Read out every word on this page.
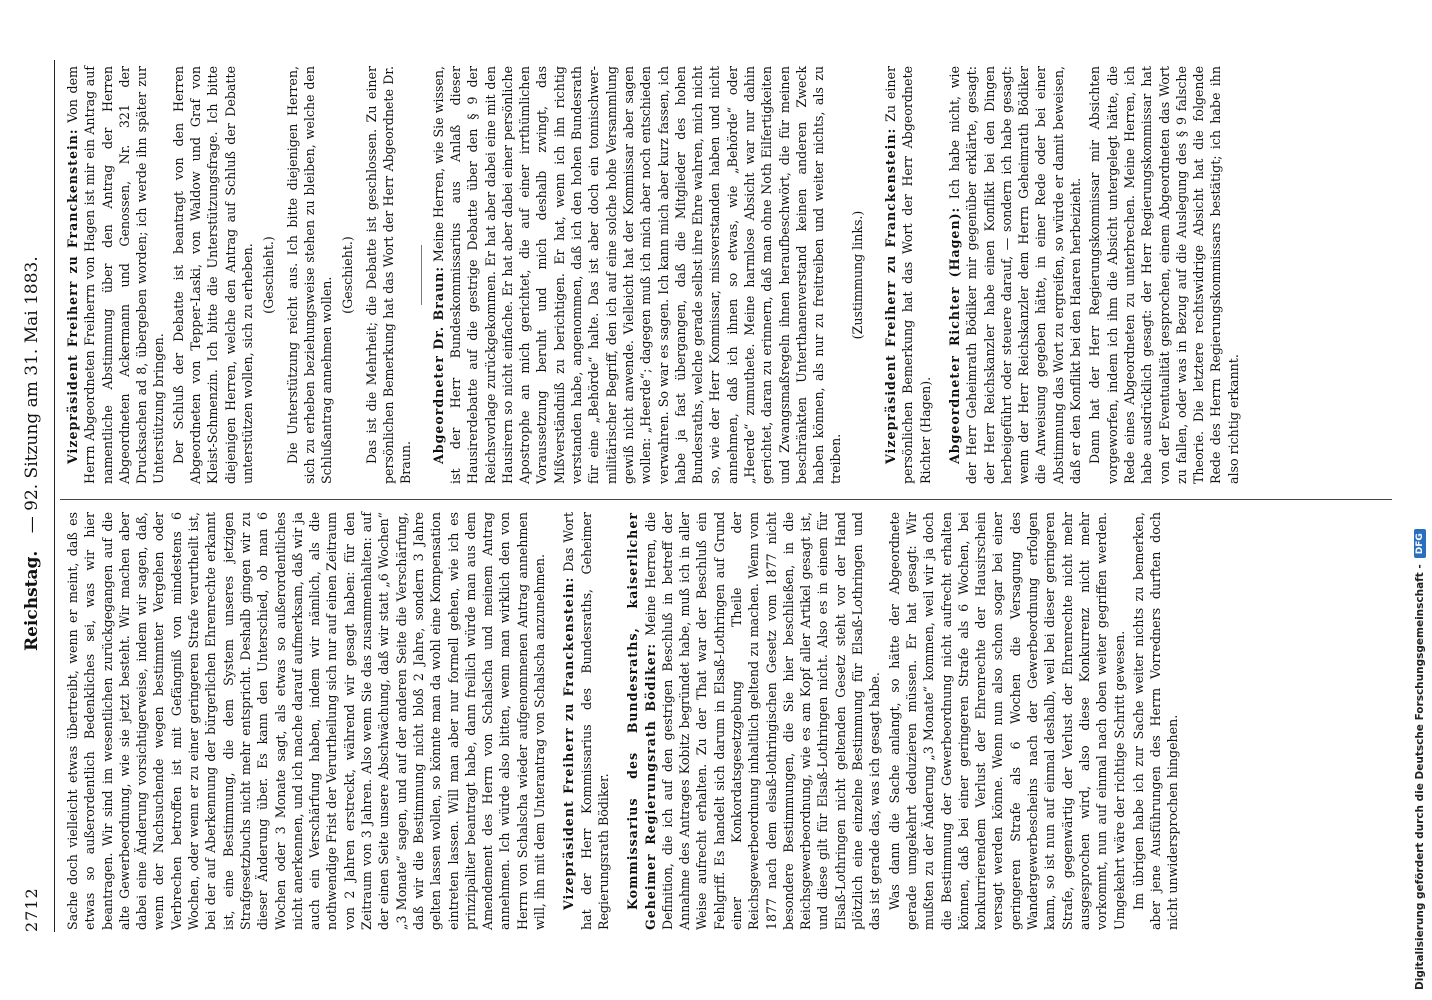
2712
Reichstag. — 92. Sitzung am 31. Mai 1883.

Sache doch vielleicht etwas übertreibt, wenn er meint, daß es etwas so außerordentlich Bedenkliches sei, was wir hier beantragen. Wir sind im wesentlichen zurückgegangen auf die alte Gewerbeordnung, wie sie jetzt besteht. Wir machen aber dabei eine Änderung vorsichtigerweise, indem wir sagen, daß, wenn der Nachsuchende wegen bestimmter Vergehen oder Verbrechen betroffen ist mit Gefängniß von mindestens 6 Wochen, oder wenn er zu einer geringeren Strafe verurtheilt ist, bei der auf Aberkennung der bürgerlichen Ehrenrechte erkannt ist, eine Bestimmung, die dem System unseres jetzigen Strafgesetzbuchs nicht mehr entspricht. Deshalb gingen wir zu dieser Änderung über. Es kann den Unterschied, ob man 6 Wochen oder 3 Monate sagt, als etwas so außerordentliches nicht anerkennen, und ich mache darauf aufmerksam, daß wir ja auch ein Verschärfung haben, indem wir nämlich, als die nothwendige Frist der Verurtheilung sich nur auf einen Zeitraum von 2 Jahren erstreckt, während wir gesagt haben: für den Zeitraum von 3 Jahren. Also wenn Sie das zusammenhalten: auf der einen Seite unsere Abschwächung, daß wir statt „6 Wochen“ „3 Monate“ sagen, und auf der anderen Seite die Verschärfung, daß wir die Bestimmung nicht bloß 2 Jahre, sondern 3 Jahre gelten lassen wollen, so könnte man da wohl eine Kompensation eintreten lassen. Will man aber nur formell gehen, wie ich es prinzipaliter beantragt habe, dann freilich würde man aus dem Amendement des Herrn von Schalscha und meinem Antrag annehmen. Ich würde also bitten, wenn man wirklich den von Herrn von Schalscha wieder aufgenommenen Antrag annehmen will, ihn mit dem Unterantrag von Schalscha anzunehmen. Vizepräsident Freiherr zu Franckenstein: Das Wort hat der Herr Kommissarius des Bundesraths, Geheimer Regierungsrath Bödiker. Kommissarius des Bundesraths, kaiserlicher Geheimer Regierungsrath Bödiker: Meine Herren, die Definition, die ich auf den gestrigen Beschluß in betreff der Annahme des Antrages Kobitz begründet habe, muß ich in aller Weise aufrecht erhalten. Zu der That war der Beschluß ein Fehlgriff. Es handelt sich darum in Elsaß-Lothringen auf Grund einer Konkordatsgesetzgebung Theile der Reichsgewerbeordnung inhaltlich geltend zu machen. Wenn vom 1877 nach dem elsaß-lothringischen Gesetz vom 1877 nicht besondere Bestimmungen, die Sie hier beschließen, in die Reichsgewerbeordnung, wie es am Kopf aller Artikel gesagt ist, und diese gilt für Elsaß-Lothringen nicht. Also es in einem für Elsaß-Lothringen nicht geltenden Gesetz steht vor der Hand plötzlich eine einzelne Bestimmung für Elsaß-Lothringen und das ist gerade das, was ich gesagt habe. Was dann die Sache anlangt, so hätte der Abgeordnete gerade umgekehrt deduzieren müssen. Er hat gesagt: Wir mußten zu der Änderung „3 Monate“ kommen, weil wir ja doch die Bestimmung der Gewerbeordnung nicht aufrecht erhalten können, daß bei einer geringeren Strafe als 6 Wochen, bei konkurrierendem Verlust der Ehrenrechte der Hausirschein versagt werden könne. Wenn nun also schon sogar bei einer geringeren Strafe als 6 Wochen die Versagung des Wandergewerbescheins nach der Gewerbeordnung erfolgen kann, so ist nun auf einmal deshalb, weil bei dieser geringeren Strafe, gegenwärtig der Verlust der Ehrenrechte nicht mehr ausgesprochen wird, also diese Konkurrenz nicht mehr vorkommt, nun auf einmal nach oben weiter gegriffen werden. Umgekehrt wäre der richtige Schritt gewesen. Im übrigen habe ich zur Sache weiter nichts zu bemerken, aber jene Ausführungen des Herrn Vorredners durften doch nicht unwidersprochen hingehen.

Vizepräsident Freiherr zu Franckenstein: Von dem Herrn Abgeordneten Freiherrn von Hagen ist mir ein Antrag auf namentliche Abstimmung über den Antrag der Herren Abgeordneten Ackermann und Genossen, Nr. 321 der Drucksachen ad 8, übergeben worden; ich werde ihn später zur Unterstützung bringen. Der Schluß der Debatte ist beantragt von den Herren Abgeordneten von Tepper-Laski, von Waldow und Graf von Kleist-Schmenzin. Ich bitte die Unterstützungsfrage. Ich bitte diejenigen Herren, welche den Antrag auf Schluß der Debatte unterstützen wollen, sich zu erheben. (Geschieht.) Die Unterstützung reicht aus. Ich bitte diejenigen Herren, sich zu erheben beziehungsweise stehen zu bleiben, welche den Schlußantrag annehmen wollen.

(Geschieht.) Das ist die Mehrheit; die Debatte ist geschlossen. Zu einer persönlichen Bemerkung hat das Wort der Herr Abgeordnete Dr. Braun. Abgeordneter Dr. Braun: Meine Herren, wie Sie wissen, ist der Herr Bundeskommissarius aus Anlaß dieser Hausirerdebatte auf die gestrige Debatte über den § 9 der Reichsvorlage zurückgekommen. Er hat aber dabei eine mit den Hausirern so nicht einfache. Er hat aber dabei einer persönliche Apostrophe an mich gerichtet, die auf einer irrthümlichen Voraussetzung beruht und mich deshalb zwingt, das Mißverständniß zu berichtigen. Er hat, wenn ich ihn richtig verstanden habe, angenommen, daß ich den hohen Bundesrath für eine „Behörde“ halte. Das ist aber doch ein tonnischwer-militärischer Begriff, den ich auf eine solche hohe Versammlung gewiß nicht anwende. Vielleicht hat der Kommissar aber sagen wollen: „Heerde“; dagegen muß ich mich aber noch entschieden verwahren. So war es sagen. Ich kann mich aber kurz fassen, ich habe ja fast übergangen, daß die Mitglieder des hohen Bundesraths, welche gerade selbst ihre Ehre wahren, mich nicht so, wie der Herr Kommissar, missverstanden haben und nicht annehmen, daß ich ihnen so etwas, wie „Behörde“ oder „Heerde“ zumuthete. Meine harmlose Absicht war nur dahin gerichtet, daran zu erinnern, daß man ohne Noth Eilfertigkeiten und Zwangsmaßregeln ihnen heraufbeschwört, die für meinen beschränkten Unterthanenverstand keinen anderen Zweck haben können, als nur zu freitreiben und weiter nichts, als zu treiben.

(Zustimmung links.) Vizepräsident Freiherr zu Franckenstein: Zu einer persönlichen Bemerkung hat das Wort der Herr Abgeordnete Richter (Hagen). Abgeordneter Richter (Hagen): Ich habe nicht, wie der Herr Geheimrath Bödiker mir gegenüber erklärte, gesagt: der Herr Reichskanzler habe einen Konflikt bei den Dingen herbeigeführt oder steuere darauf, — sondern ich habe gesagt: wenn der Herr Reichskanzler dem Herrn Geheimrath Bödiker die Anweisung gegeben hätte, in einer Rede oder bei einer Abstimmung das Wort zu ergreifen, so würde er damit beweisen, daß er den Konflikt bei den Haaren herbeizieht. Dann hat der Herr Regierungskommissar mir Absichten vorgeworfen, indem ich ihm die Absicht untergelegt hätte, die Rede eines Abgeordneten zu unterbrechen. Meine Herren, ich habe ausdrücklich gesagt: der Herr Regierungskommissar hat von der Eventualität gesprochen, einem Abgeordneten das Wort zu fallen, oder was in Bezug auf die Auslegung des § 9 falsche Theorie. Die letztere rechtswidrige Absicht hat die folgende Rede des Herrn Regierungskommissars bestätigt; ich habe ihn also richtig erkannt.

Digitalisierung gefördert durch die Deutsche Forschungsgemeinschaft -
DFG
